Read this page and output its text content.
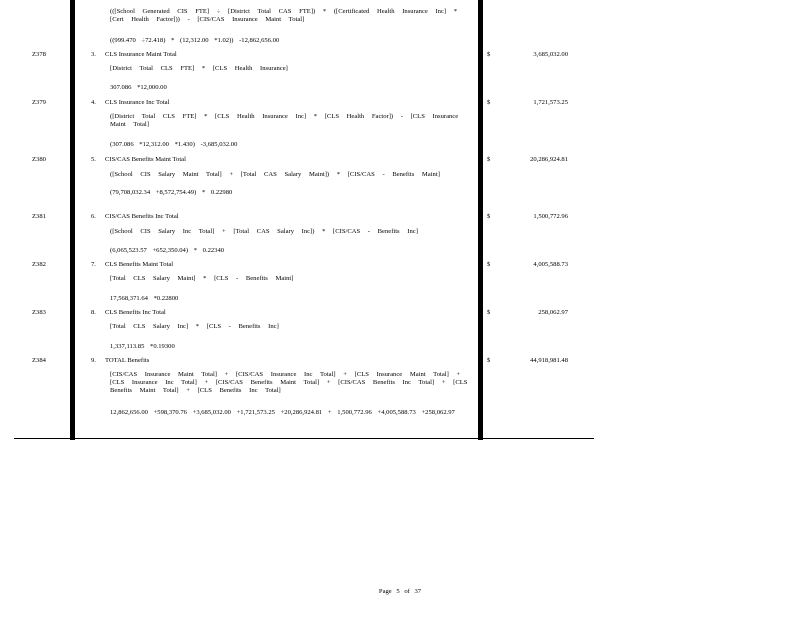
(([School Generated CIS FTE] ÷ [District Total CAS FTE]) * ([Certificated Health Insurance Inc] * [Cert Health Factor])) - [CIS/CAS Insurance Maint Total]
((999.470 ÷72.418) * (12,312.00 *1.02)) -12,862,656.00
Z378	3. CLS Insurance Maint Total	$	3,685,032.00
[District Total CLS FTE] * [CLS Health Insurance]
307.086 *12,000.00
Z379	4. CLS Insurance Inc Total	$	1,721,573.25
([District Total CLS FTE] * [CLS Health Insurance Inc] * [CLS Health Factor]) - [CLS Insurance Maint Total]
(307.086 *12,312.00 *1.430) -3,685,032.00
Z380	5. CIS/CAS Benefits Maint Total	$	20,286,924.81
([School CIS Salary Maint Total] + [Total CAS Salary Maint]) * [CIS/CAS - Benefits Maint]
(79,708,032.34 +8,572,754.49) * 0.22980
Z381	6. CIS/CAS Benefits Inc Total	$	1,500,772.96
([School CIS Salary Inc Total] + [Total CAS Salary Inc]) * [CIS/CAS - Benefits Inc]
(6,065,523.57 +652,350.04) * 0.22340
Z382	7. CLS Benefits Maint Total	$	4,005,588.73
[Total CLS Salary Maint] * [CLS - Benefits Maint]
17,568,371.64 *0.22800
Z383	8. CLS Benefits Inc Total	$	258,062.97
[Total CLS Salary Inc] * [CLS - Benefits Inc]
1,337,113.85 *0.19300
Z384	9. TOTAL Benefits	$	44,918,981.48
[CIS/CAS Insurance Maint Total] + [CIS/CAS Insurance Inc Total] + [CLS Insurance Maint Total] + [CLS Insurance Inc Total] + [CIS/CAS Benefits Maint Total] + [CIS/CAS Benefits Inc Total] + [CLS Benefits Maint Total] + [CLS Benefits Inc Total]
12,862,656.00 +598,370.76 +3,685,032.00 +1,721,573.25 +20,286,924.81 + 1,500,772.96 +4,005,588.73 +258,062.97
Page 5 of 37
